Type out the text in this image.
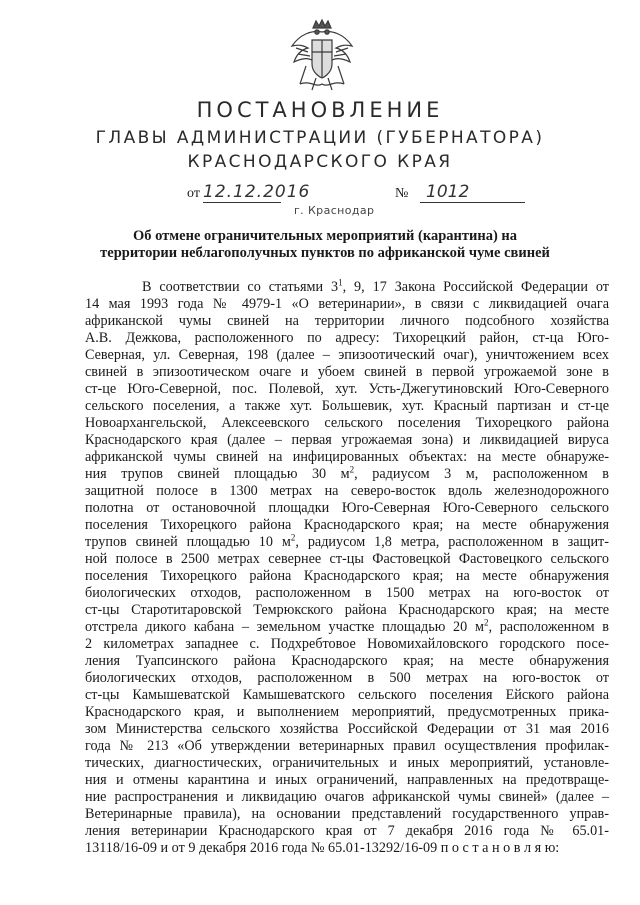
ПОСТАНОВЛЕНИЕ
ГЛАВЫ АДМИНИСТРАЦИИ (ГУБЕРНАТОРА)
КРАСНОДАРСКОГО КРАЯ
от 12.12.2016	№	1012
г. Краснодар
Об отмене ограничительных мероприятий (карантина) на
территории неблагополучных пунктов по африканской чуме свиней
В соответствии со статьями $3^1$, 9, 17 Закона Российской Федерации от
14 мая 1993 года № 4979-1 «О ветеринарии», в связи с ликвидацией очага
африканской чумы свиней на территории личного подсобного хозяйства
А.В. Дежкова, расположенного по адресу: Тихорецкий район, ст-ца Юго-
Северная, ул. Северная, 198 (далее – эпизоотический очаг), уничтожением всех
свиней в эпизоотическом очаге и убоем свиней в первой угрожаемой зоне в
ст-це Юго-Северной, пос. Полевой, хут. Усть-Джегутиновский Юго-Северного
сельского поселения, а также хут. Большевик, хут. Красный партизан и ст-це
Новоархангельской, Алексеевского сельского поселения Тихорецкого района
Краснодарского края (далее – первая угрожаемая зона) и ликвидацией вируса
африканской чумы свиней на инфицированных объектах: на месте обнаруже-
ния трупов свиней площадью 30 $м^2$, радиусом 3 м, расположенном в
защитной полосе в 1300 метрах на северо-восток вдоль железнодорожного
полотна от остановочной площадки Юго-Северная Юго-Северного сельского
поселения Тихорецкого района Краснодарского края; на месте обнаружения
трупов свиней площадью 10 $м^2$, радиусом 1,8 метра, расположенном в защит-
ной полосе в 2500 метрах севернее ст-цы Фастовецкой Фастовецкого сельского
поселения Тихорецкого района Краснодарского края; на месте обнаружения
биологических отходов, расположенном в 1500 метрах на юго-восток от
ст-цы Старотитаровской Темрюкского района Краснодарского края; на месте
отстрела дикого кабана – земельном участке площадью 20 $м^2$, расположенном в
2 километрах западнее с. Подхребтовое Новомихайловского городского посе-
ления Туапсинского района Краснодарского края; на месте обнаружения
биологических отходов, расположенном в 500 метрах на юго-восток от
ст-цы Камышеватской Камышеватского сельского поселения Ейского района
Краснодарского края, и выполнением мероприятий, предусмотренных прика-
зом Министерства сельского хозяйства Российской Федерации от 31 мая 2016
года № 213 «Об утверждении ветеринарных правил осуществления профилак-
тических, диагностических, ограничительных и иных мероприятий, установле-
ния и отмены карантина и иных ограничений, направленных на предотвраще-
ние распространения и ликвидацию очагов африканской чумы свиней» (далее –
Ветеринарные правила), на основании представлений государственного управ-
ления ветеринарии Краснодарского края от 7 декабря 2016 года № 65.01-
13118/16-09 и от 9 декабря 2016 года № 65.01-13292/16-09 п о с т а н о в л я ю:
